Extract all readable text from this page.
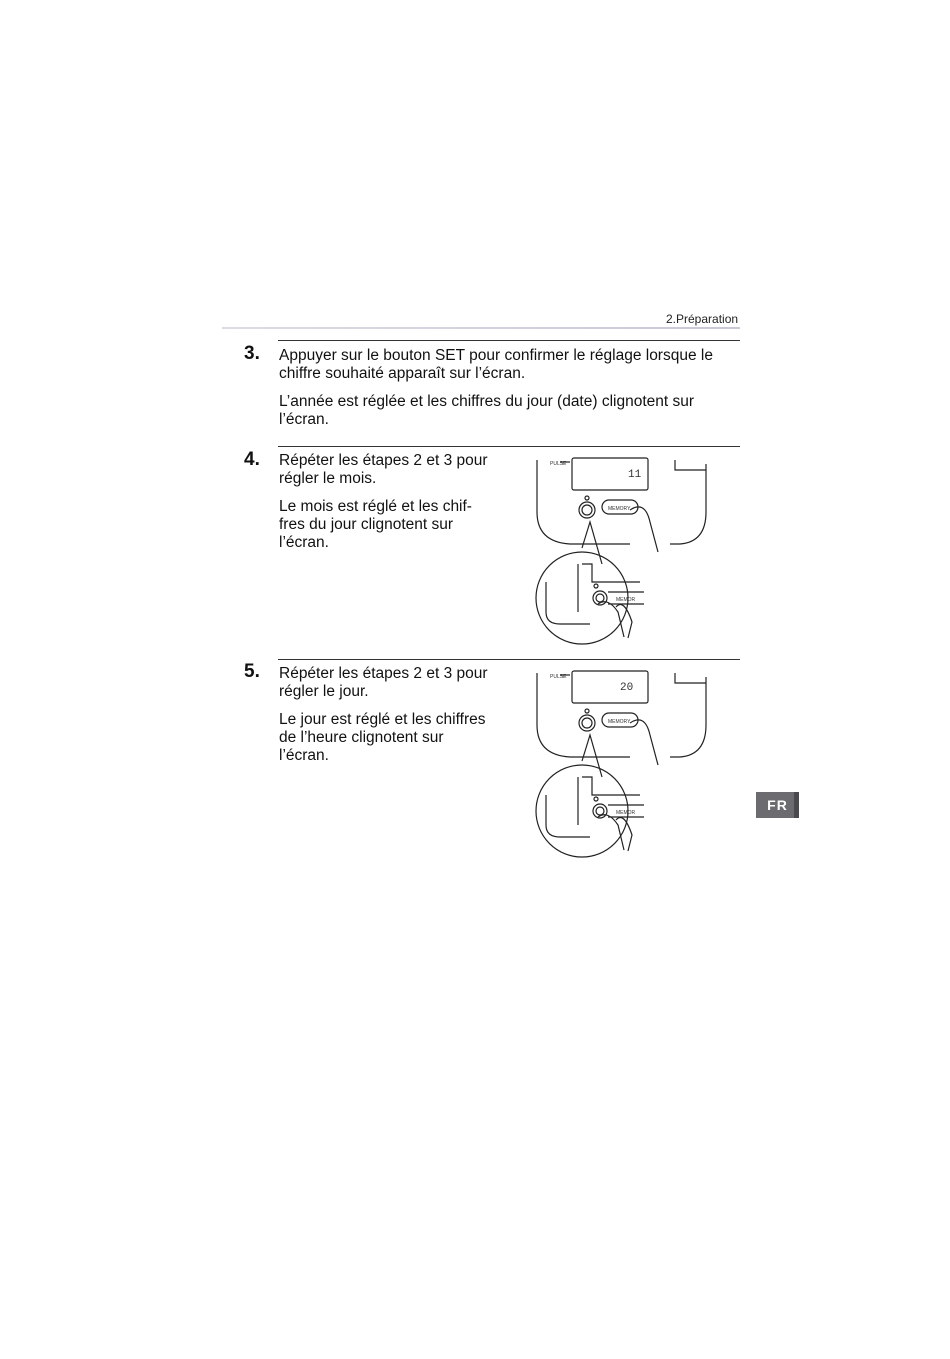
2.Préparation
3. Appuyer sur le bouton SET pour confirmer le réglage lorsque le
chiffre souhaité apparaît sur l’écran.
L’année est réglée et les chiffres du jour (date) clignotent sur
l’écran.
4. Répéter les étapes 2 et 3 pour
régler le mois.
Le mois est réglé et les chif-
fres du jour clignotent sur
l’écran.
PULSE
11
MEMORY
MEMOR
5. Répéter les étapes 2 et 3 pour
régler le jour.
Le jour est réglé et les chiffres
de l’heure clignotent sur
l’écran.
PULSE
20
MEMORY
MEMOR	FR
